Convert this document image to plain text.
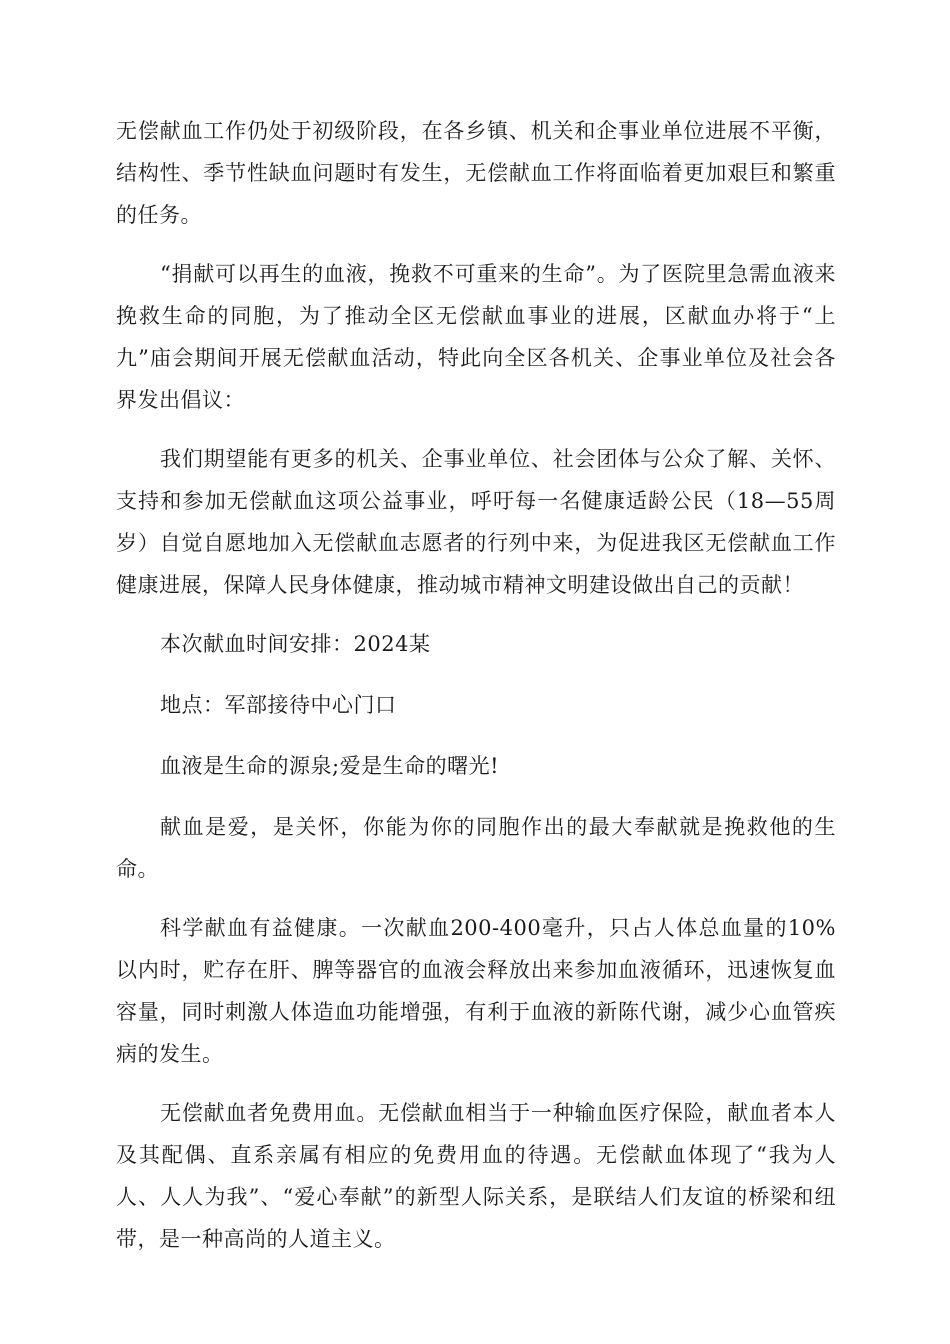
无偿献血工作仍处于初级阶段，在各乡镇、机关和企事业单位进展不平衡，结构性、季节性缺血问题时有发生，无偿献血工作将面临着更加艰巨和繁重的任务。

“捐献可以再生的血液，挽救不可重来的生命”。为了医院里急需血液来挽救生命的同胞，为了推动全区无偿献血事业的进展，区献血办将于“上九”庙会期间开展无偿献血活动，特此向全区各机关、企事业单位及社会各界发出倡议：

我们期望能有更多的机关、企事业单位、社会团体与公众了解、关怀、支持和参加无偿献血这项公益事业，呼吁每一名健康适龄公民（18—55周岁）自觉自愿地加入无偿献血志愿者的行列中来，为促进我区无偿献血工作健康进展，保障人民身体健康，推动城市精神文明建设做出自己的贡献！

本次献血时间安排：2024某

地点：军部接待中心门口

血液是生命的源泉;爱是生命的曙光!

献血是爱，是关怀，你能为你的同胞作出的最大奉献就是挽救他的生命。

科学献血有益健康。一次献血200-400毫升，只占人体总血量的10%以内时，贮存在肝、脾等器官的血液会释放出来参加血液循环，迅速恢复血容量，同时刺激人体造血功能增强，有利于血液的新陈代谢，减少心血管疾病的发生。

无偿献血者免费用血。无偿献血相当于一种输血医疗保险，献血者本人及其配偶、直系亲属有相应的免费用血的待遇。无偿献血体现了“我为人人、人人为我”、“爱心奉献”的新型人际关系，是联结人们友谊的桥梁和纽带，是一种高尚的人道主义。
